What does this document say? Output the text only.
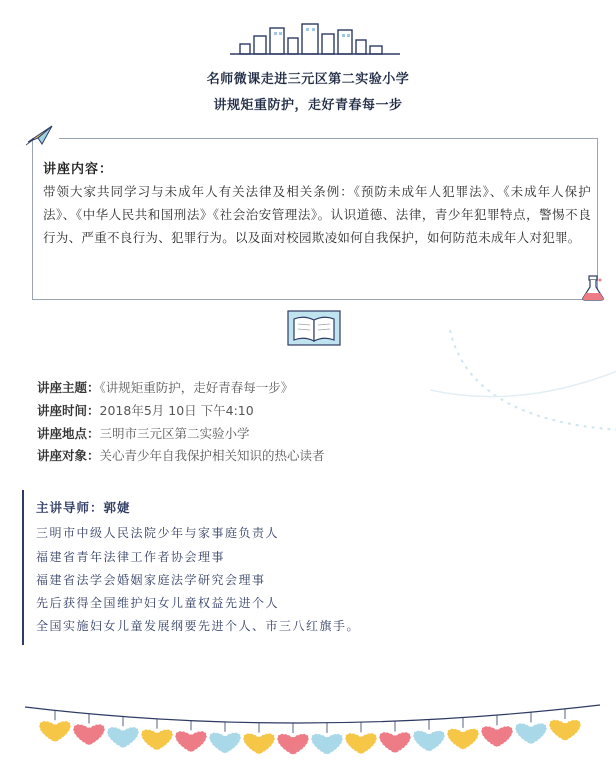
名师微课走进三元区第二实验小学
讲规矩重防护，走好青春每一步
讲座内容：
带领大家共同学习与未成年人有关法律及相关条例：《预防未成年人犯罪法》、《未成年人保护法》、《中华人民共和国刑法》《社会治安管理法》。认识道德、法律，青少年犯罪特点，警惕不良行为、严重不良行为、犯罪行为。以及面对校园欺凌如何自我保护，如何防范未成年人对犯罪。
讲座主题：《讲规矩重防护，走好青春每一步》
讲座时间：2018年5月 10日 下午4:10
讲座地点：三明市三元区第二实验小学
讲座对象：关心青少年自我保护相关知识的热心读者
主讲导师：郭婕
三明市中级人民法院少年与家事庭负责人
福建省青年法律工作者协会理事
福建省法学会婚姻家庭法学研究会理事
先后获得全国维护妇女儿童权益先进个人
全国实施妇女儿童发展纲要先进个人、市三八红旗手。
